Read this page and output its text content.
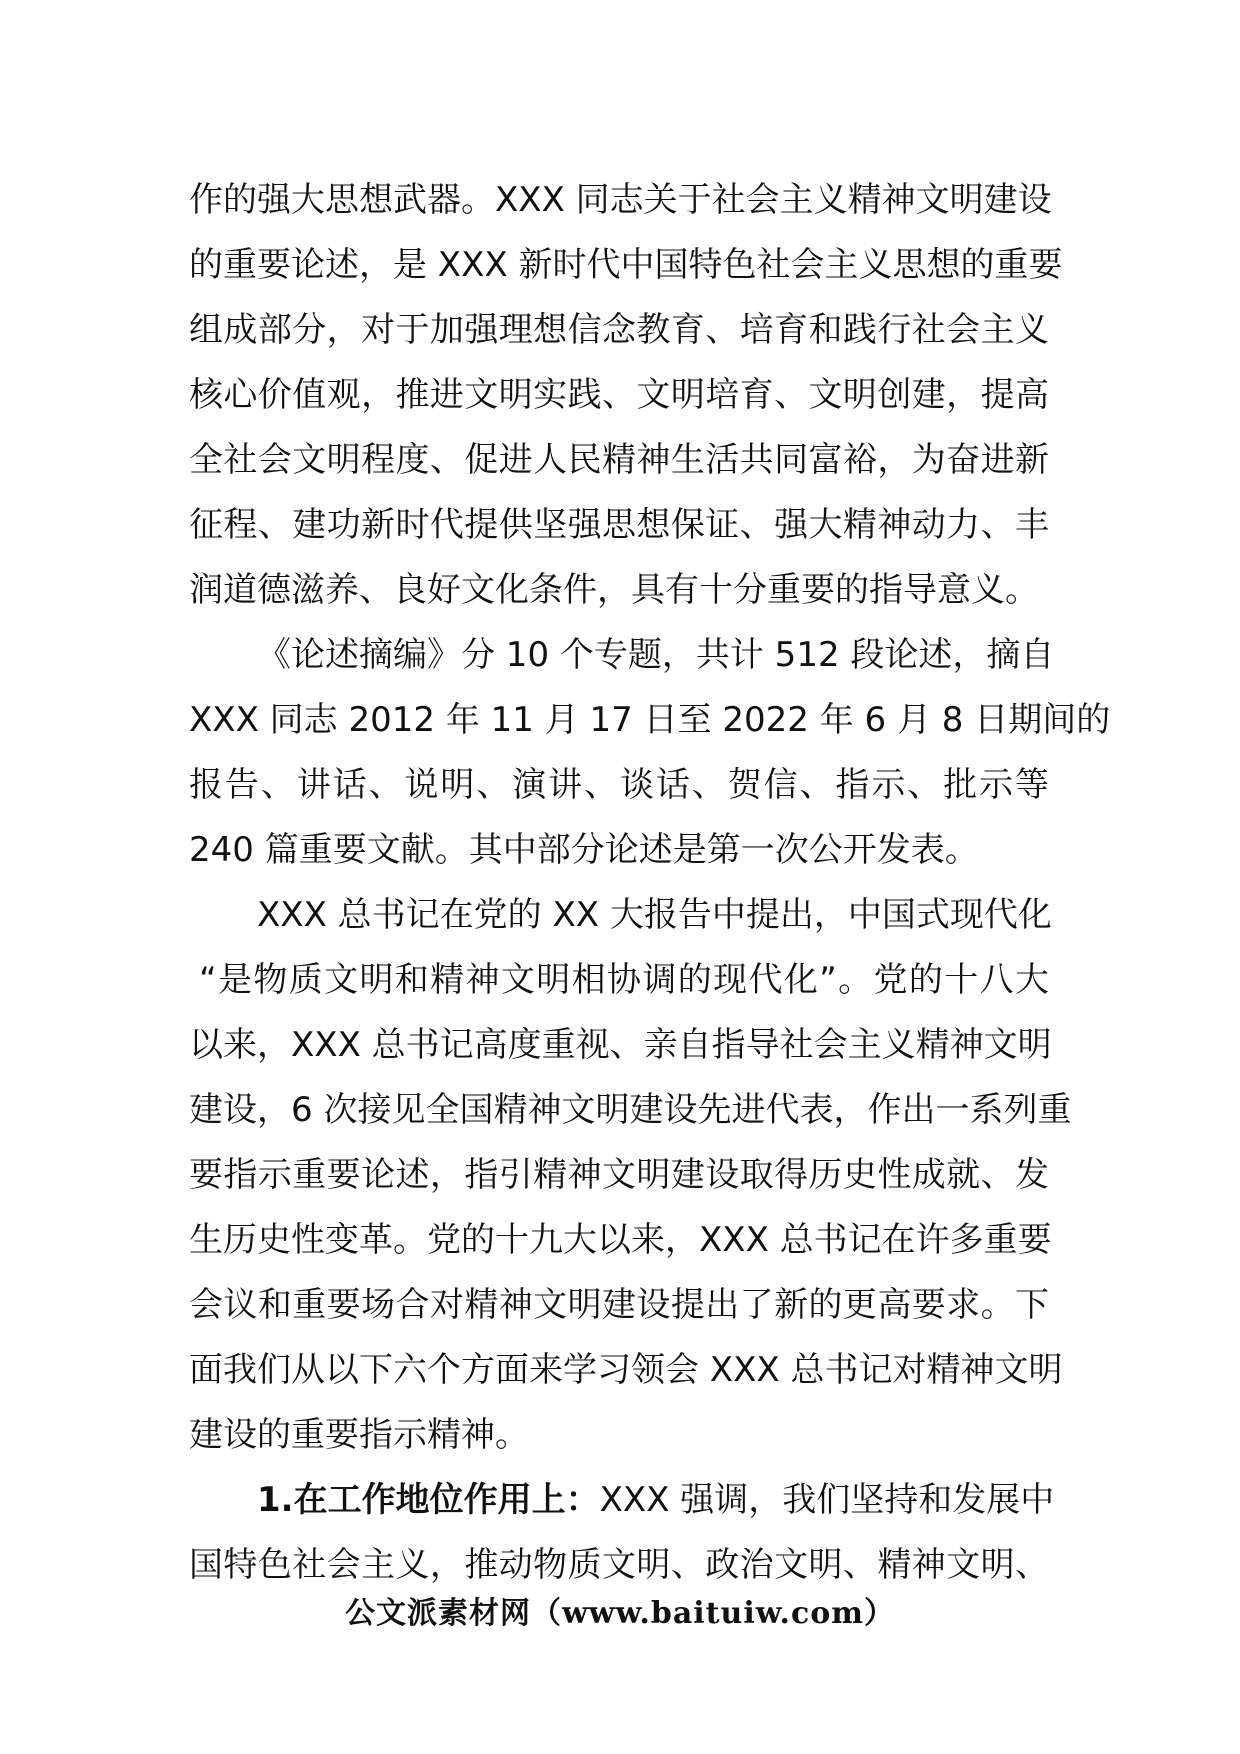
作的强大思想武器。XXX 同志关于社会主义精神文明建设
的重要论述，是 XXX 新时代中国特色社会主义思想的重要
组成部分，对于加强理想信念教育、培育和践行社会主义
核心价值观，推进文明实践、文明培育、文明创建，提高
全社会文明程度、促进人民精神生活共同富裕，为奋进新
征程、建功新时代提供坚强思想保证、强大精神动力、丰
润道德滋养、良好文化条件，具有十分重要的指导意义。
《论述摘编》分 10 个专题，共计 512 段论述，摘自
XXX 同志 2012 年 11 月 17 日至 2022 年 6 月 8 日期间的
报告、讲话、说明、演讲、谈话、贺信、指示、批示等
240 篇重要文献。其中部分论述是第一次公开发表。
XXX 总书记在党的 XX 大报告中提出，中国式现代化
“是物质文明和精神文明相协调的现代化”。党的十八大
以来，XXX 总书记高度重视、亲自指导社会主义精神文明
建设，6 次接见全国精神文明建设先进代表，作出一系列重
要指示重要论述，指引精神文明建设取得历史性成就、发
生历史性变革。党的十九大以来，XXX 总书记在许多重要
会议和重要场合对精神文明建设提出了新的更高要求。下
面我们从以下六个方面来学习领会 XXX 总书记对精神文明
建设的重要指示精神。
1.在工作地位作用上：XXX 强调，我们坚持和发展中
国特色社会主义，推动物质文明、政治文明、精神文明、
公文派素材网（www.baituiw.com）
